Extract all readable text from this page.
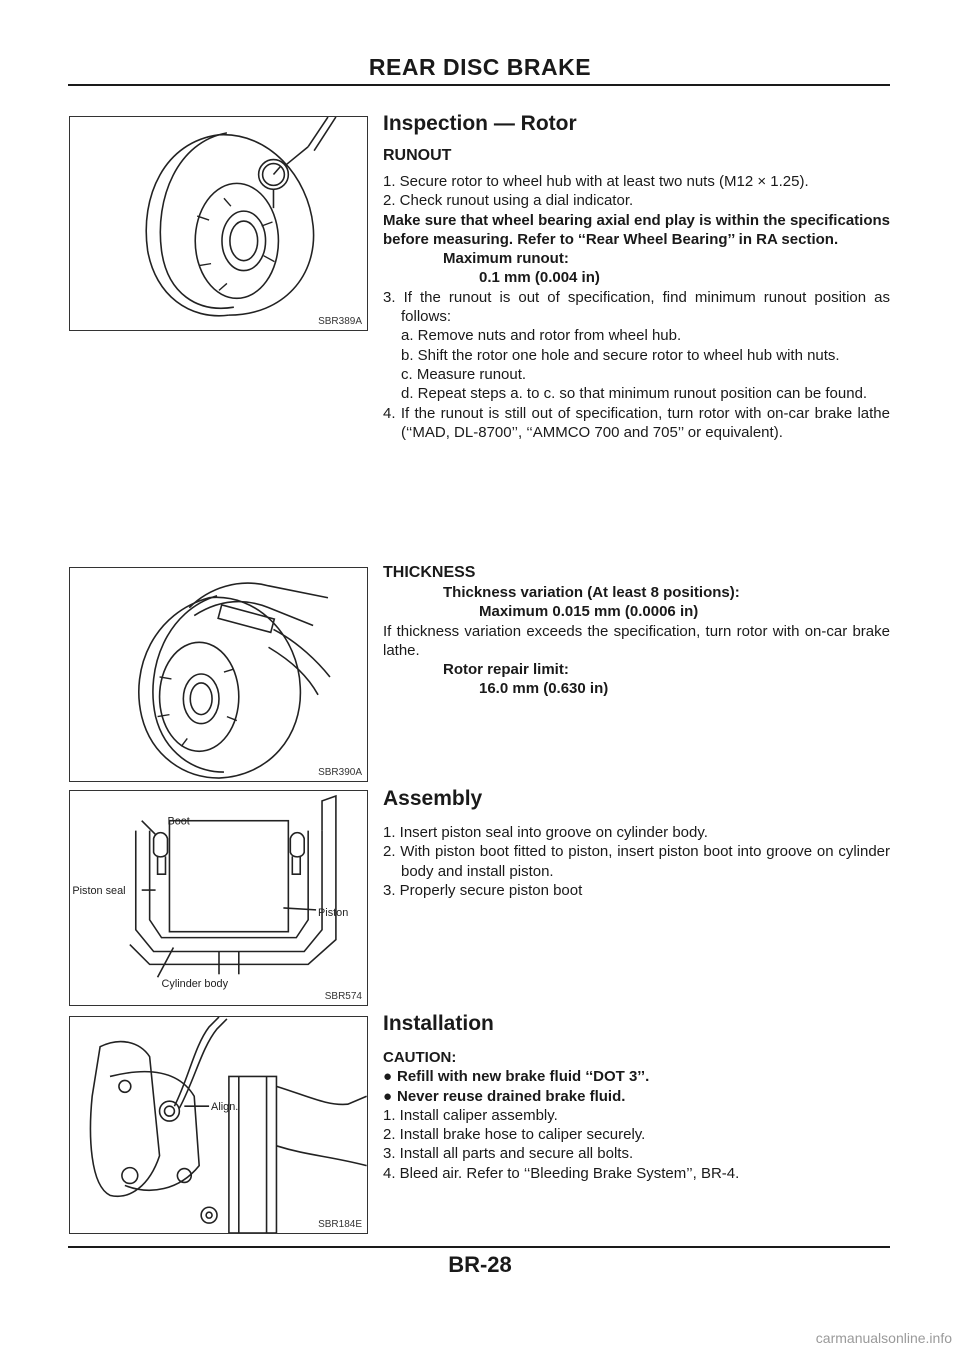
REAR DISC BRAKE
SBR389A
SBR390A
Boot
Piston seal
Piston
Cylinder body
SBR574
Align.
SBR184E
Inspection — Rotor
RUNOUT

1. Secure rotor to wheel hub with at least two nuts (M12 × 1.25).

2. Check runout using a dial indicator.

Make sure that wheel bearing axial end play is within the specifications before measuring. Refer to ‘‘Rear Wheel Bearing’’ in RA section.

Maximum runout:

0.1 mm (0.004 in)

3. If the runout is out of specification, find minimum runout position as follows:

a. Remove nuts and rotor from wheel hub.

b. Shift the rotor one hole and secure rotor to wheel hub with nuts.

c. Measure runout.

d. Repeat steps a. to c. so that minimum runout position can be found.

4. If the runout is still out of specification, turn rotor with on-car brake lathe (‘‘MAD, DL-8700’’, ‘‘AMMCO 700 and 705’’ or equivalent).

THICKNESS

Thickness variation (At least 8 positions):

Maximum 0.015 mm (0.0006 in)

If thickness variation exceeds the specification, turn rotor with on-car brake lathe.

Rotor repair limit:

16.0 mm (0.630 in)

Assembly

1. Insert piston seal into groove on cylinder body.

2. With piston boot fitted to piston, insert piston boot into groove on cylinder body and install piston.

3. Properly secure piston boot

Installation

CAUTION:

● Refill with new brake fluid ‘‘DOT 3’’.

● Never reuse drained brake fluid.

1. Install caliper assembly.

2. Install brake hose to caliper securely.

3. Install all parts and secure all bolts.

4. Bleed air. Refer to ‘‘Bleeding Brake System’’, BR-4.

BR-28
carmanualsonline.info
